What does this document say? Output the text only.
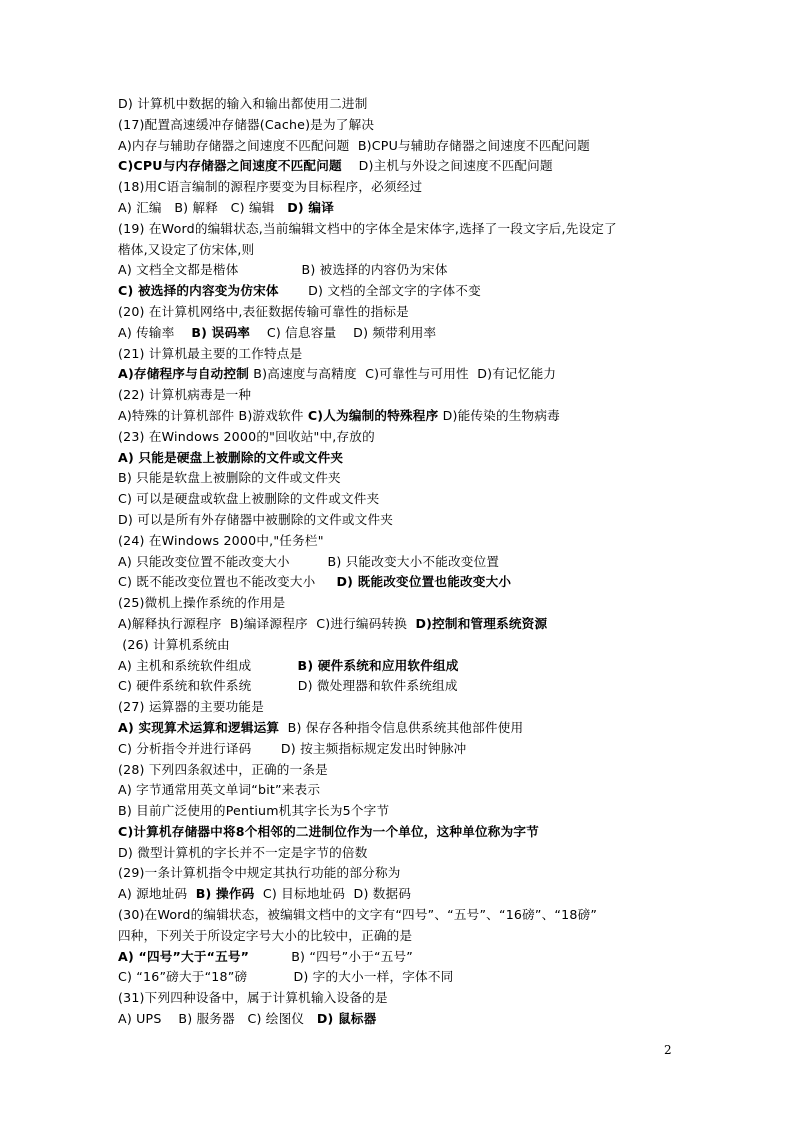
D) 计算机中数据的输入和输出都使用二进制
(17)配置高速缓冲存储器(Cache)是为了解决
A)内存与辅助存储器之间速度不匹配问题  B)CPU与辅助存储器之间速度不匹配问题
C)CPU与内存储器之间速度不匹配问题    D)主机与外设之间速度不匹配问题
(18)用C语言编制的源程序要变为目标程序，必须经过
A) 汇编   B) 解释   C) 编辑   D) 编译
(19) 在Word的编辑状态,当前编辑文档中的字体全是宋体字,选择了一段文字后,先设定了
楷体,又设定了仿宋体,则
A) 文档全文都是楷体               B) 被选择的内容仍为宋体
C) 被选择的内容变为仿宋体       D) 文档的全部文字的字体不变
(20) 在计算机网络中,表征数据传输可靠性的指标是
A) 传输率    B) 误码率    C) 信息容量    D) 频带利用率
(21) 计算机最主要的工作特点是
A)存储程序与自动控制 B)高速度与高精度  C)可靠性与可用性  D)有记忆能力
(22) 计算机病毒是一种
A)特殊的计算机部件 B)游戏软件 C)人为编制的特殊程序 D)能传染的生物病毒
(23) 在Windows 2000的"回收站"中,存放的
A) 只能是硬盘上被删除的文件或文件夹
B) 只能是软盘上被删除的文件或文件夹
C) 可以是硬盘或软盘上被删除的文件或文件夹
D) 可以是所有外存储器中被删除的文件或文件夹
(24) 在Windows 2000中,"任务栏"
A) 只能改变位置不能改变大小         B) 只能改变大小不能改变位置
C) 既不能改变位置也不能改变大小     D) 既能改变位置也能改变大小
(25)微机上操作系统的作用是
A)解释执行源程序  B)编译源程序  C)进行编码转换  D)控制和管理系统资源
(26) 计算机系统由
A) 主机和系统软件组成           B) 硬件系统和应用软件组成
C) 硬件系统和软件系统           D) 微处理器和软件系统组成
(27) 运算器的主要功能是
A) 实现算术运算和逻辑运算  B) 保存各种指令信息供系统其他部件使用
C) 分析指令并进行译码       D) 按主频指标规定发出时钟脉冲
(28) 下列四条叙述中，正确的一条是
A) 字节通常用英文单词“bit”来表示
B) 目前广泛使用的Pentium机其字长为5个字节
C)计算机存储器中将8个相邻的二进制位作为一个单位，这种单位称为字节
D) 微型计算机的字长并不一定是字节的倍数
(29)一条计算机指令中规定其执行功能的部分称为
A) 源地址码  B) 操作码  C) 目标地址码  D) 数据码
(30)在Word的编辑状态，被编辑文档中的文字有“四号”、“五号”、“16磅”、“18磅”
四种，下列关于所设定字号大小的比较中，正确的是
A) “四号”大于“五号”          B) “四号”小于“五号”
C) “16”磅大于“18”磅           D) 字的大小一样，字体不同
(31)下列四种设备中，属于计算机输入设备的是
A) UPS    B) 服务器   C) 绘图仪   D) 鼠标器
2
